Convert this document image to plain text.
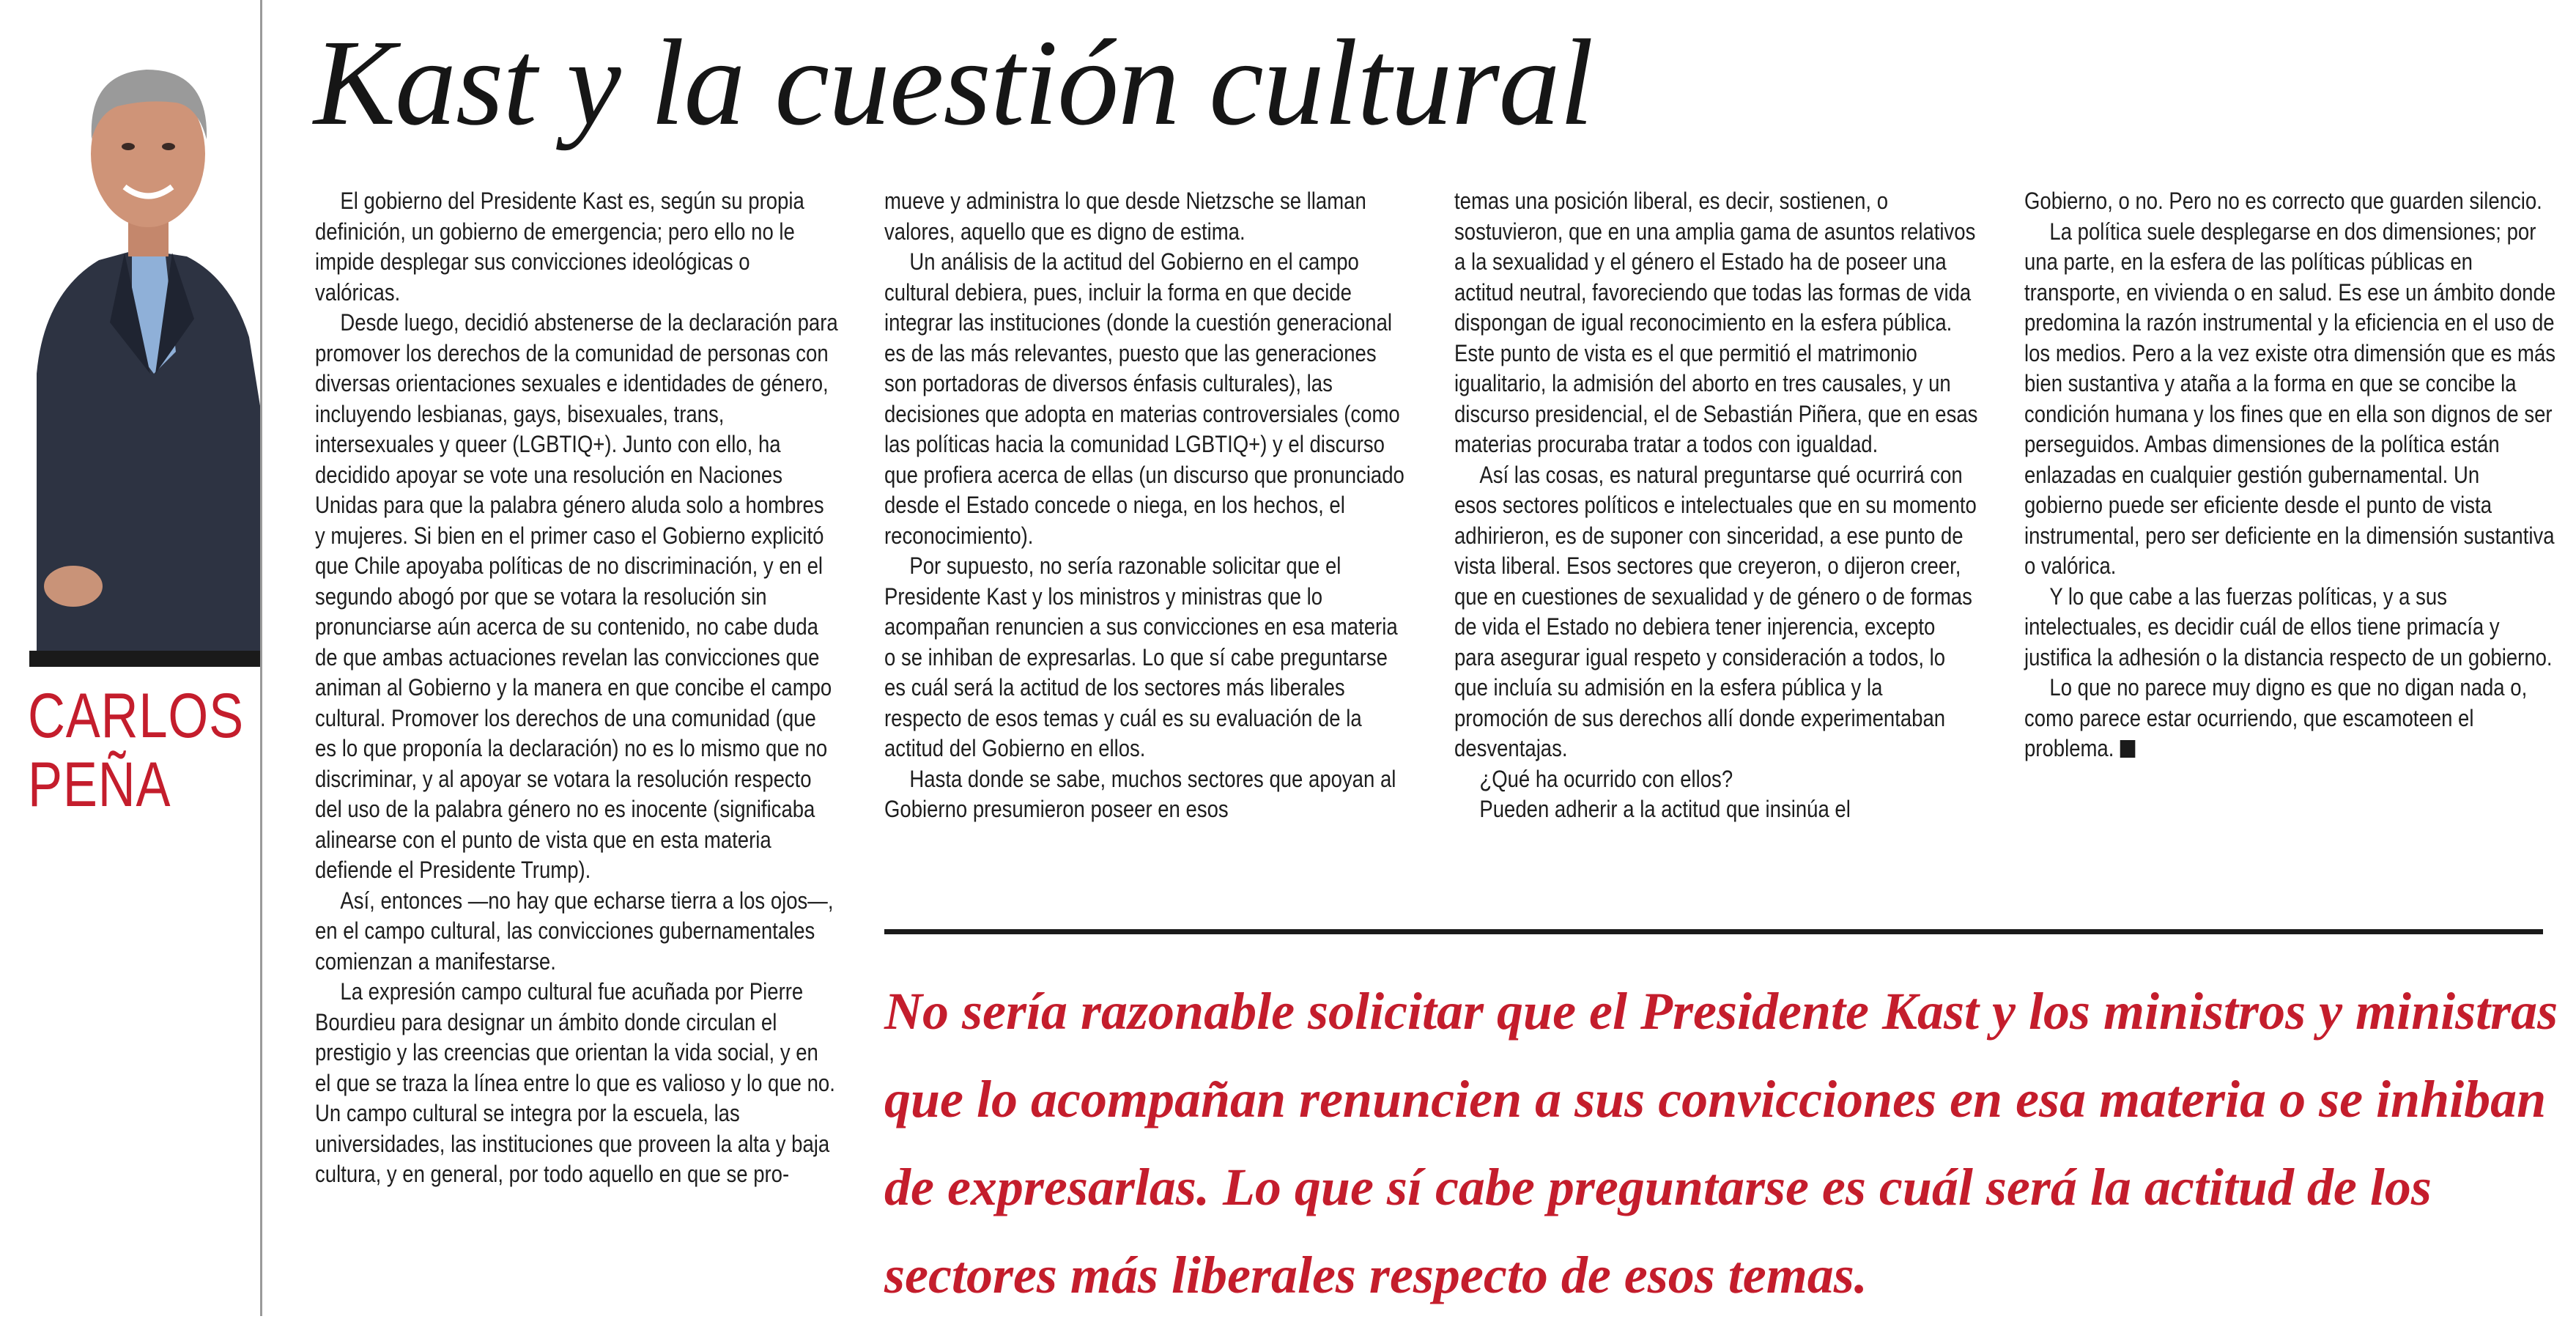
CARLOS
PEÑA
Kast y la cuestión cultural

El gobierno del Presidente Kast es, según su propia definición, un gobierno de emergencia; pero ello no le impide desplegar sus convicciones ideológicas o valóricas.

Desde luego, decidió abstenerse de la declaración para promover los derechos de la comunidad de personas con diversas orientaciones sexuales e identidades de género, incluyendo lesbianas, gays, bisexuales, trans, intersexuales y queer (LGBTIQ+). Junto con ello, ha decidido apoyar se vote una resolución en Naciones Unidas para que la palabra género aluda solo a hombres y mujeres. Si bien en el primer caso el Gobierno explicitó que Chile apoyaba políticas de no discriminación, y en el segundo abogó por que se votara la resolución sin pronunciarse aún acerca de su contenido, no cabe duda de que ambas actuaciones revelan las convicciones que animan al Gobierno y la manera en que concibe el campo cultural. Promover los derechos de una comunidad (que es lo que proponía la declaración) no es lo mismo que no discriminar, y al apoyar se votara la resolución respecto del uso de la palabra género no es inocente (significaba alinearse con el punto de vista que en esta materia defiende el Presidente Trump).

Así, entonces —no hay que echarse tierra a los ojos—, en el campo cultural, las convicciones gubernamentales comienzan a manifestarse.

La expresión campo cultural fue acuñada por Pierre Bourdieu para designar un ámbito donde circulan el prestigio y las creencias que orientan la vida social, y en el que se traza la línea entre lo que es valioso y lo que no. Un campo cultural se integra por la escuela, las universidades, las instituciones que proveen la alta y baja cultura, y en general, por todo aquello en que se pro-

mueve y administra lo que desde Nietzsche se llaman valores, aquello que es digno de estima.

Un análisis de la actitud del Gobierno en el campo cultural debiera, pues, incluir la forma en que decide integrar las instituciones (donde la cuestión generacional es de las más relevantes, puesto que las generaciones son portadoras de diversos énfasis culturales), las decisiones que adopta en materias controversiales (como las políticas hacia la comunidad LGBTIQ+) y el discurso que profiera acerca de ellas (un discurso que pronunciado desde el Estado concede o niega, en los hechos, el reconocimiento).

Por supuesto, no sería razonable solicitar que el Presidente Kast y los ministros y ministras que lo acompañan renuncien a sus convicciones en esa materia o se inhiban de expresarlas. Lo que sí cabe preguntarse es cuál será la actitud de los sectores más liberales respecto de esos temas y cuál es su evaluación de la actitud del Gobierno en ellos.

Hasta donde se sabe, muchos sectores que apoyan al Gobierno presumieron poseer en esos

temas una posición liberal, es decir, sostienen, o sostuvieron, que en una amplia gama de asuntos relativos a la sexualidad y el género el Estado ha de poseer una actitud neutral, favoreciendo que todas las formas de vida dispongan de igual reconocimiento en la esfera pública. Este punto de vista es el que permitió el matrimonio igualitario, la admisión del aborto en tres causales, y un discurso presidencial, el de Sebastián Piñera, que en esas materias procuraba tratar a todos con igualdad.

Así las cosas, es natural preguntarse qué ocurrirá con esos sectores políticos e intelectuales que en su momento adhirieron, es de suponer con sinceridad, a ese punto de vista liberal. Esos sectores que creyeron, o dijeron creer, que en cuestiones de sexualidad y de género o de formas de vida el Estado no debiera tener injerencia, excepto para asegurar igual respeto y consideración a todos, lo que incluía su admisión en la esfera pública y la promoción de sus derechos allí donde experimentaban desventajas.

¿Qué ha ocurrido con ellos?

Pueden adherir a la actitud que insinúa el

Gobierno, o no. Pero no es correcto que guarden silencio.

La política suele desplegarse en dos dimensiones; por una parte, en la esfera de las políticas públicas en transporte, en vivienda o en salud. Es ese un ámbito donde predomina la razón instrumental y la eficiencia en el uso de los medios. Pero a la vez existe otra dimensión que es más bien sustantiva y ataña a la forma en que se concibe la condición humana y los fines que en ella son dignos de ser perseguidos. Ambas dimensiones de la política están enlazadas en cualquier gestión gubernamental. Un gobierno puede ser eficiente desde el punto de vista instrumental, pero ser deficiente en la dimensión sustantiva o valórica.

Y lo que cabe a las fuerzas políticas, y a sus intelectuales, es decidir cuál de ellos tiene primacía y justifica la adhesión o la distancia respecto de un gobierno.

Lo que no parece muy digno es que no digan nada o, como parece estar ocurriendo, que escamoteen el problema.

No sería razonable solicitar que el Presidente Kast y los ministros y ministras que lo acompañan renuncien a sus convicciones en esa materia o se inhiban de expresarlas. Lo que sí cabe preguntarse es cuál será la actitud de los sectores más liberales respecto de esos temas.
